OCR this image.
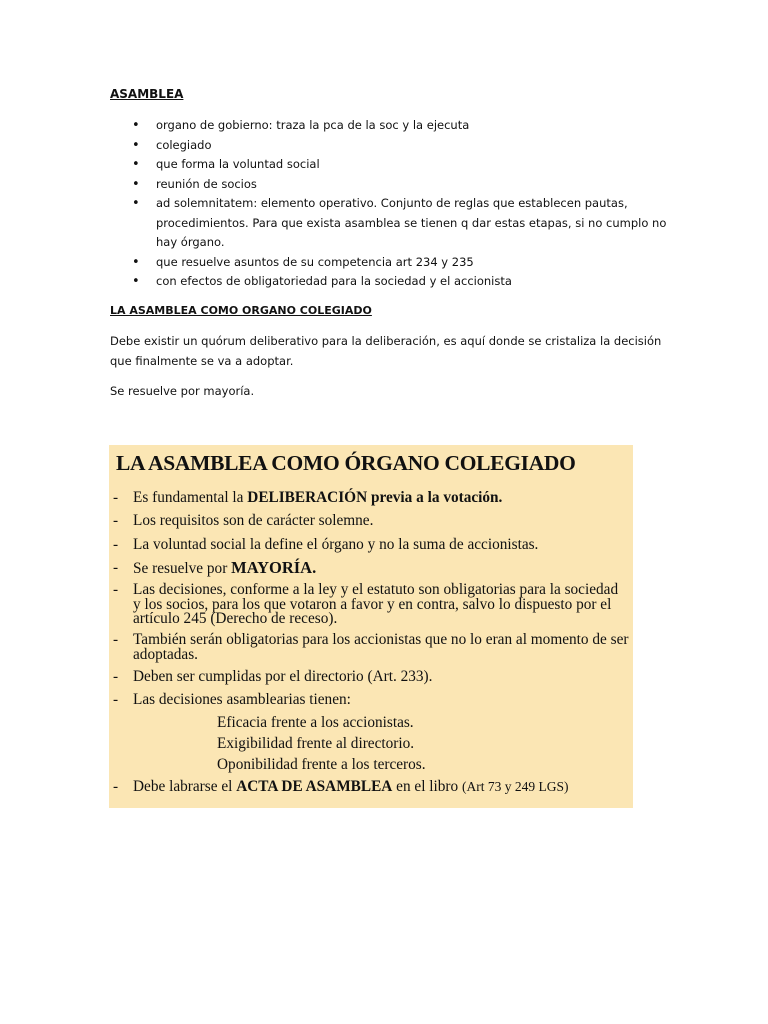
ASAMBLEA
• organo de gobierno: traza la pca de la soc y la ejecuta
• colegiado
• que forma la voluntad social
• reunión de socios
• ad solemnitatem: elemento operativo. Conjunto de reglas que establecen pautas, procedimientos. Para que exista asamblea se tienen q dar estas etapas, si no cumplo no hay órgano.
• que resuelve asuntos de su competencia art 234 y 235
• con efectos de obligatoriedad para la sociedad y el accionista
LA ASAMBLEA COMO ORGANO COLEGIADO

Debe existir un quórum deliberativo para la deliberación, es aquí donde se cristaliza la decisión que finalmente se va a adoptar.

Se resuelve por mayoría.

LA ASAMBLEA COMO ÓRGANO COLEGIADO
- Es fundamental la DELIBERACIÓN previa a la votación.
- Los requisitos son de carácter solemne.
- La voluntad social la define el órgano y no la suma de accionistas.
- Se resuelve por MAYORÍA.
- Las decisiones, conforme a la ley y el estatuto son obligatorias para la sociedad y los socios, para los que votaron a favor y en contra, salvo lo dispuesto por el artículo 245 (Derecho de receso).
- También serán obligatorias para los accionistas que no lo eran al momento de ser adoptadas.
- Deben ser cumplidas por el directorio (Art. 233).
- Las decisiones asamblearias tienen:
Eficacia frente a los accionistas.
Exigibilidad frente al directorio.
Oponibilidad frente a los terceros.
- Debe labrarse el ACTA DE ASAMBLEA en el libro (Art 73 y 249 LGS)
